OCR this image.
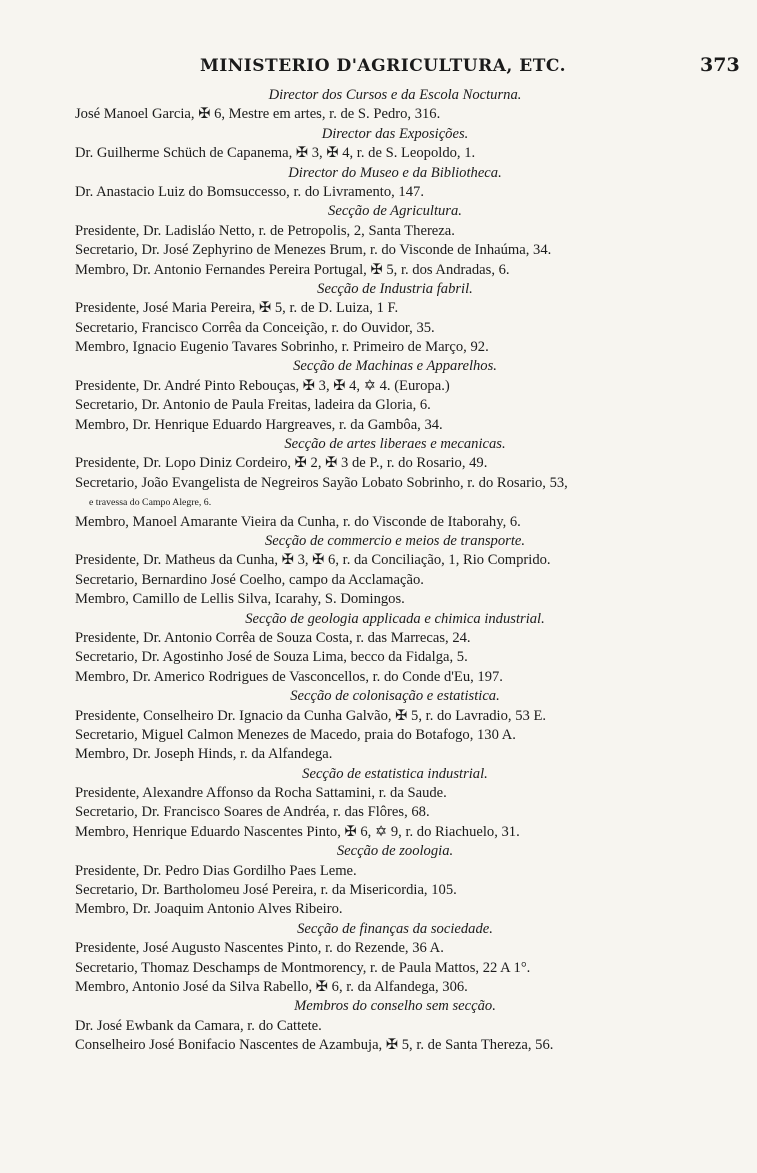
MINISTERIO D'AGRICULTURA, ETC.	373
Director dos Cursos e da Escola Nocturna.
José Manoel Garcia, ✠ 6, Mestre em artes, r. de S. Pedro, 316.
Director das Exposições.
Dr. Guilherme Schüch de Capanema, ✠ 3, ✠ 4, r. de S. Leopoldo, 1.
Director do Museo e da Bibliotheca.
Dr. Anastacio Luiz do Bomsuccesso, r. do Livramento, 147.
Secção de Agricultura.
Presidente, Dr. Ladisláo Netto, r. de Petropolis, 2, Santa Thereza.
Secretario, Dr. José Zephyrino de Menezes Brum, r. do Visconde de Inhaúma, 34.
Membro, Dr. Antonio Fernandes Pereira Portugal, ✠ 5, r. dos Andradas, 6.
Secção de Industria fabril.
Presidente, José Maria Pereira, ✠ 5, r. de D. Luiza, 1 F.
Secretario, Francisco Corrêa da Conceição, r. do Ouvidor, 35.
Membro, Ignacio Eugenio Tavares Sobrinho, r. Primeiro de Março, 92.
Secção de Machinas e Apparelhos.
Presidente, Dr. André Pinto Rebouças, ✠ 3, ✠ 4, ✡ 4. (Europa.)
Secretario, Dr. Antonio de Paula Freitas, ladeira da Gloria, 6.
Membro, Dr. Henrique Eduardo Hargreaves, r. da Gambôa, 34.
Secção de artes liberaes e mecanicas.
Presidente, Dr. Lopo Diniz Cordeiro, ✠ 2, ✠ 3 de P., r. do Rosario, 49.
Secretario, João Evangelista de Negreiros Sayão Lobato Sobrinho, r. do Rosario, 53,
e travessa do Campo Alegre, 6.
Membro, Manoel Amarante Vieira da Cunha, r. do Visconde de Itaborahy, 6.
Secção de commercio e meios de transporte.
Presidente, Dr. Matheus da Cunha, ✠ 3, ✠ 6, r. da Conciliação, 1, Rio Comprido.
Secretario, Bernardino José Coelho, campo da Acclamação.
Membro, Camillo de Lellis Silva, Icarahy, S. Domingos.
Secção de geologia applicada e chimica industrial.
Presidente, Dr. Antonio Corrêa de Souza Costa, r. das Marrecas, 24.
Secretario, Dr. Agostinho José de Souza Lima, becco da Fidalga, 5.
Membro, Dr. Americo Rodrigues de Vasconcellos, r. do Conde d'Eu, 197.
Secção de colonisação e estatistica.
Presidente, Conselheiro Dr. Ignacio da Cunha Galvão, ✠ 5, r. do Lavradio, 53 E.
Secretario, Miguel Calmon Menezes de Macedo, praia do Botafogo, 130 A.
Membro, Dr. Joseph Hinds, r. da Alfandega.
Secção de estatistica industrial.
Presidente, Alexandre Affonso da Rocha Sattamini, r. da Saude.
Secretario, Dr. Francisco Soares de Andréa, r. das Flôres, 68.
Membro, Henrique Eduardo Nascentes Pinto, ✠ 6, ✡ 9, r. do Riachuelo, 31.
Secção de zoologia.
Presidente, Dr. Pedro Dias Gordilho Paes Leme.
Secretario, Dr. Bartholomeu José Pereira, r. da Misericordia, 105.
Membro, Dr. Joaquim Antonio Alves Ribeiro.
Secção de finanças da sociedade.
Presidente, José Augusto Nascentes Pinto, r. do Rezende, 36 A.
Secretario, Thomaz Deschamps de Montmorency, r. de Paula Mattos, 22 A 1°.
Membro, Antonio José da Silva Rabello, ✠ 6, r. da Alfandega, 306.
Membros do conselho sem secção.
Dr. José Ewbank da Camara, r. do Cattete.
Conselheiro José Bonifacio Nascentes de Azambuja, ✠ 5, r. de Santa Thereza, 56.
